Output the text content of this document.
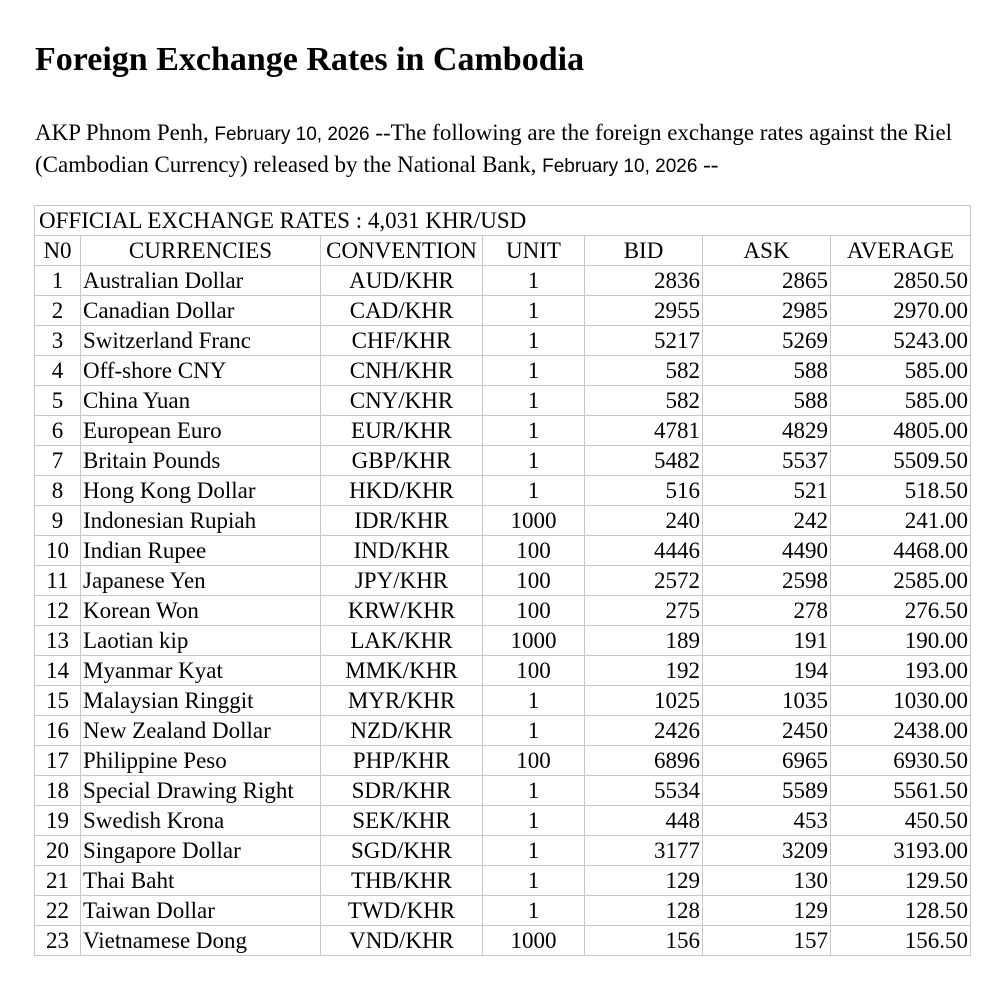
Foreign Exchange Rates in Cambodia

AKP Phnom Penh, February 10, 2026 --The following are the foreign exchange rates against the Riel (Cambodian Currency) released by the National Bank, February 10, 2026 --

OFFICIAL EXCHANGE RATES : 4,031 KHR/USD						
N0	CURRENCIES	CONVENTION	UNIT	BID	ASK	AVERAGE
1	Australian Dollar	AUD/KHR	1	2836	2865	2850.50
2	Canadian Dollar	CAD/KHR	1	2955	2985	2970.00
3	Switzerland Franc	CHF/KHR	1	5217	5269	5243.00
4	Off-shore CNY	CNH/KHR	1	582	588	585.00
5	China Yuan	CNY/KHR	1	582	588	585.00
6	European Euro	EUR/KHR	1	4781	4829	4805.00
7	Britain Pounds	GBP/KHR	1	5482	5537	5509.50
8	Hong Kong Dollar	HKD/KHR	1	516	521	518.50
9	Indonesian Rupiah	IDR/KHR	1000	240	242	241.00
10	Indian Rupee	IND/KHR	100	4446	4490	4468.00
11	Japanese Yen	JPY/KHR	100	2572	2598	2585.00
12	Korean Won	KRW/KHR	100	275	278	276.50
13	Laotian kip	LAK/KHR	1000	189	191	190.00
14	Myanmar Kyat	MMK/KHR	100	192	194	193.00
15	Malaysian Ringgit	MYR/KHR	1	1025	1035	1030.00
16	New Zealand Dollar	NZD/KHR	1	2426	2450	2438.00
17	Philippine Peso	PHP/KHR	100	6896	6965	6930.50
18	Special Drawing Right	SDR/KHR	1	5534	5589	5561.50
19	Swedish Krona	SEK/KHR	1	448	453	450.50
20	Singapore Dollar	SGD/KHR	1	3177	3209	3193.00
21	Thai Baht	THB/KHR	1	129	130	129.50
22	Taiwan Dollar	TWD/KHR	1	128	129	128.50
23	Vietnamese Dong	VND/KHR	1000	156	157	156.50
